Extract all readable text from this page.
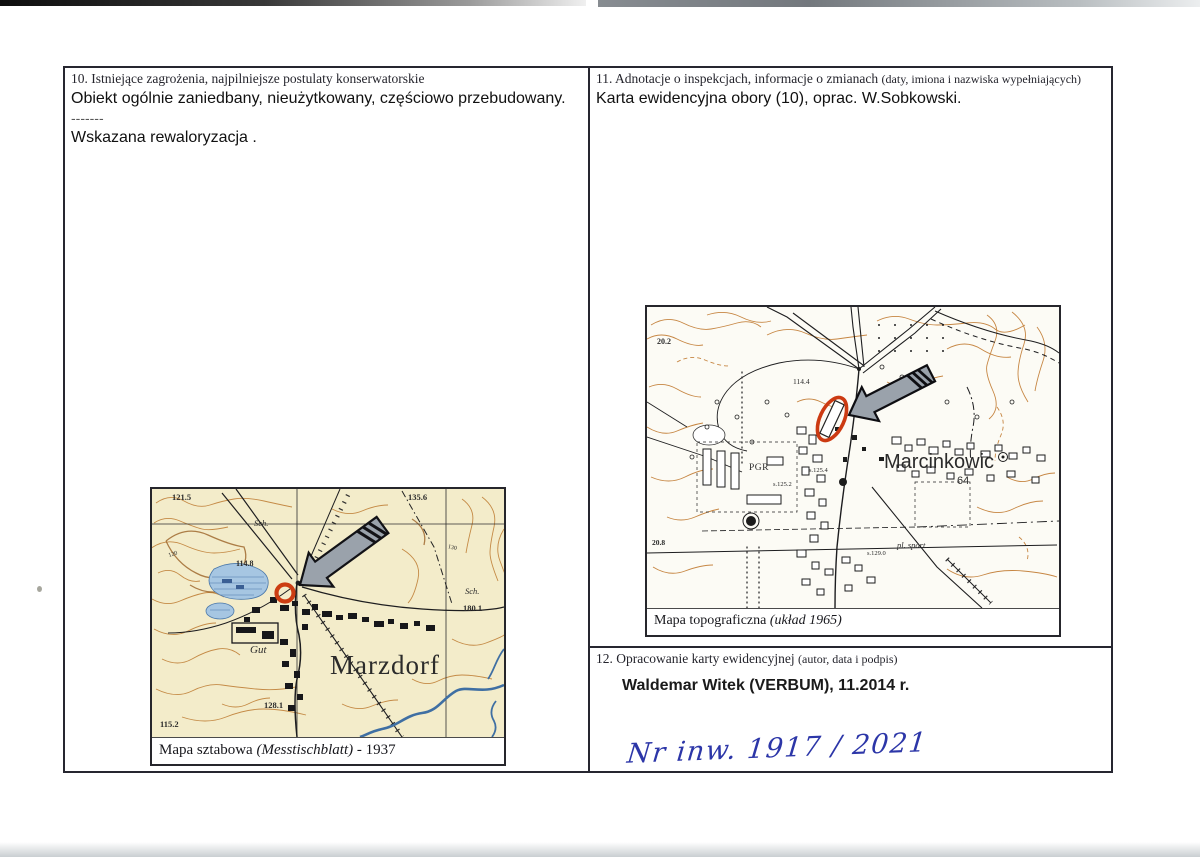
10. Istniejące zagrożenia, najpilniejsze postulaty konserwatorskie
Obiekt ogólnie zaniedbany, nieużytkowany, częściowo przebudowany.
-------
Wskazana rewaloryzacja .
11. Adnotacje o inspekcjach, informacje o zmianach (daty, imiona i nazwiska wypełniających)
Karta ewidencyjna obory (10), oprac. W.Sobkowski.
12. Opracowanie karty ewidencyjnej (autor, data i podpis)
Waldemar Witek (VERBUM), 11.2014 r.
121.5	135.6
Sch.
114.8
Sch.
180.1
Gut Marzdorf
128.1
115.2
120
130
Mapa sztabowa (Messtischblatt) - 1937
20.2
114.4
PGR	s.125.4
s.125.2
Marcinkowic
64
pl. sport.
s.129.0
20.8
Mapa topograficzna (układ 1965)
Nr inw. 1917 / 2021
